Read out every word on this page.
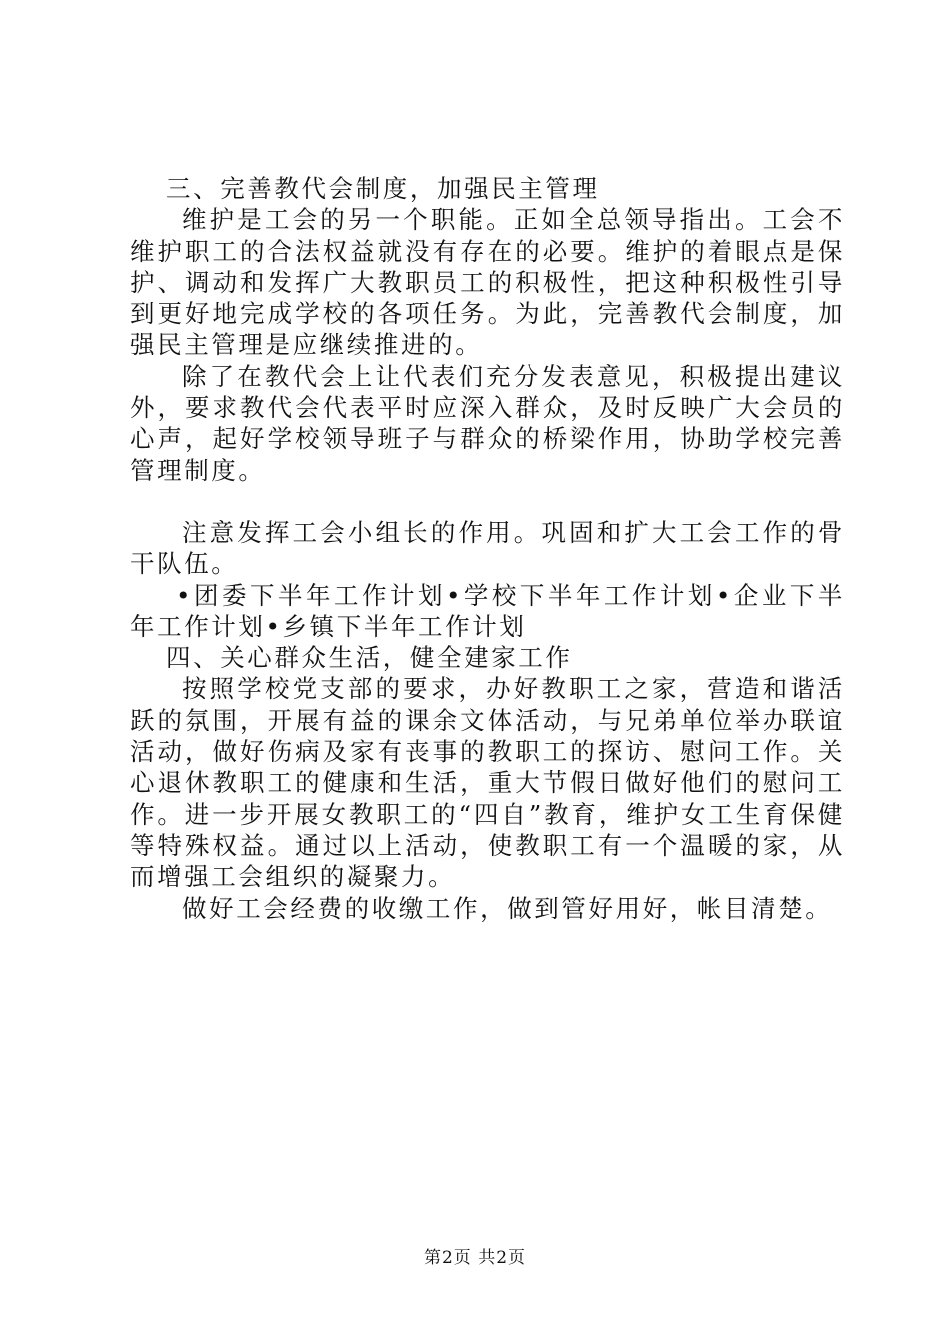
三、完善教代会制度，加强民主管理

维护是工会的另一个职能。正如全总领导指出。工会不维护职工的合法权益就没有存在的必要。维护的着眼点是保护、调动和发挥广大教职员工的积极性，把这种积极性引导到更好地完成学校的各项任务。为此，完善教代会制度，加强民主管理是应继续推进的。

除了在教代会上让代表们充分发表意见，积极提出建议外，要求教代会代表平时应深入群众，及时反映广大会员的心声，起好学校领导班子与群众的桥梁作用，协助学校完善管理制度。

注意发挥工会小组长的作用。巩固和扩大工会工作的骨干队伍。

•团委下半年工作计划•学校下半年工作计划•企业下半年工作计划•乡镇下半年工作计划

四、关心群众生活，健全建家工作

按照学校党支部的要求，办好教职工之家，营造和谐活跃的氛围，开展有益的课余文体活动，与兄弟单位举办联谊活动，做好伤病及家有丧事的教职工的探访、慰问工作。关心退休教职工的健康和生活，重大节假日做好他们的慰问工作。进一步开展女教职工的“四自”教育，维护女工生育保健等特殊权益。通过以上活动，使教职工有一个温暖的家，从而增强工会组织的凝聚力。

做好工会经费的收缴工作，做到管好用好，帐目清楚。

第2页 共2页
